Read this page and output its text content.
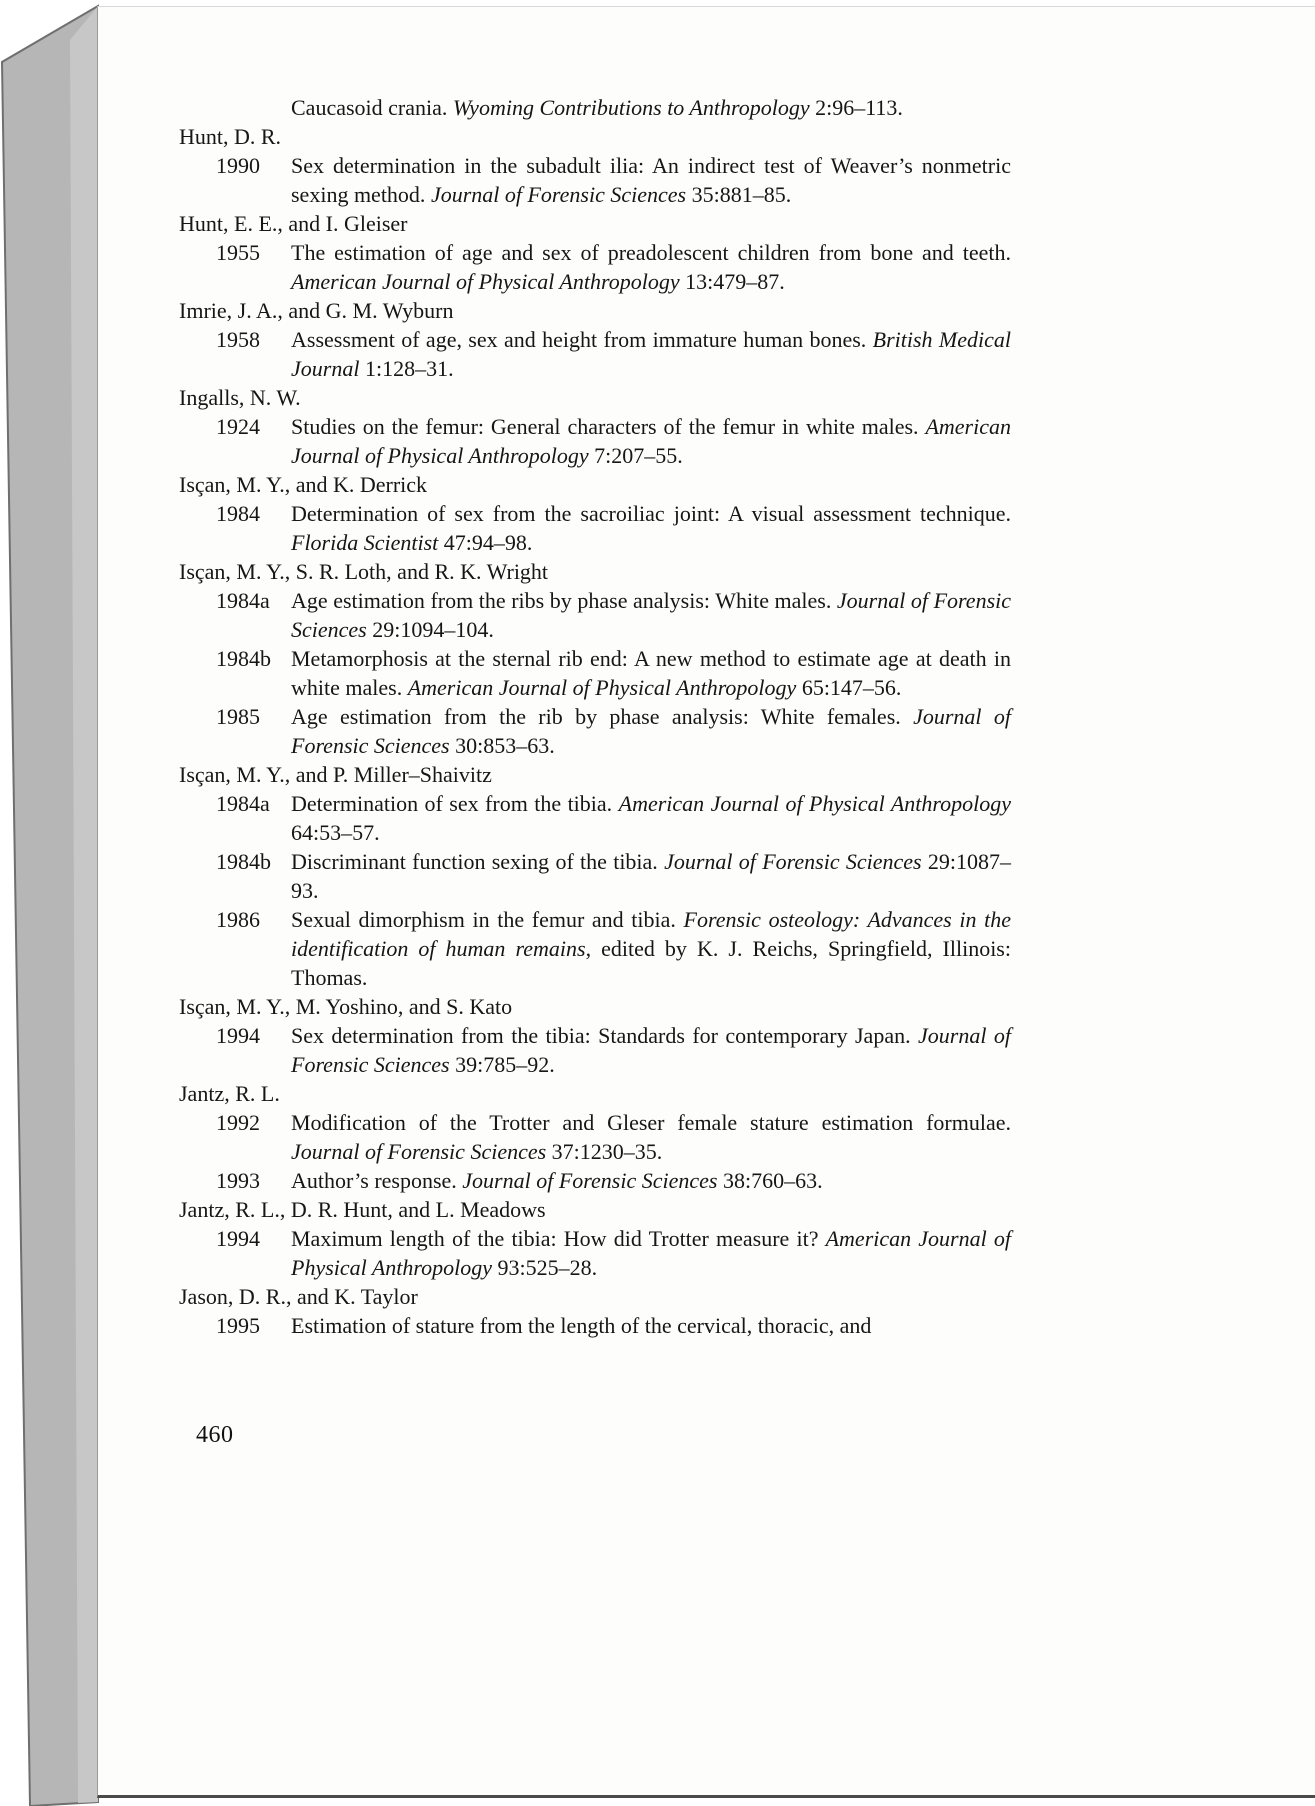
Caucasoid crania. Wyoming Contributions to Anthropology 2:96–113.
Hunt, D. R.
1990	Sex determination in the subadult ilia: An indirect test of Weaver’s nonmetric sexing method. Journal of Forensic Sciences 35:881–85.
Hunt, E. E., and I. Gleiser
1955	The estimation of age and sex of preadolescent children from bone and teeth. American Journal of Physical Anthropology 13:479–87.
Imrie, J. A., and G. M. Wyburn
1958	Assessment of age, sex and height from immature human bones. British Medical Journal 1:128–31.
Ingalls, N. W.
1924	Studies on the femur: General characters of the femur in white males. American Journal of Physical Anthropology 7:207–55.
Isçan, M. Y., and K. Derrick
1984	Determination of sex from the sacroiliac joint: A visual assessment technique. Florida Scientist 47:94–98.
Isçan, M. Y., S. R. Loth, and R. K. Wright
1984a Age estimation from the ribs by phase analysis: White males. Journal of Forensic Sciences 29:1094–104.
1984b Metamorphosis at the sternal rib end: A new method to estimate age at death in white males. American Journal of Physical Anthropology 65:147–56.
1985	Age estimation from the rib by phase analysis: White females. Journal of Forensic Sciences 30:853–63.
Isçan, M. Y., and P. Miller–Shaivitz
1984a Determination of sex from the tibia. American Journal of Physical Anthropology 64:53–57.
1984b Discriminant function sexing of the tibia. Journal of Forensic Sciences 29:1087–93.
1986	Sexual dimorphism in the femur and tibia. Forensic osteology: Advances in the identification of human remains, edited by K. J. Reichs, Springfield, Illinois: Thomas.
Isçan, M. Y., M. Yoshino, and S. Kato
1994	Sex determination from the tibia: Standards for contemporary Japan. Journal of Forensic Sciences 39:785–92.
Jantz, R. L.
1992	Modification of the Trotter and Gleser female stature estimation formulae. Journal of Forensic Sciences 37:1230–35.
1993	Author’s response. Journal of Forensic Sciences 38:760–63.
Jantz, R. L., D. R. Hunt, and L. Meadows
1994	Maximum length of the tibia: How did Trotter measure it? American Journal of Physical Anthropology 93:525–28.
Jason, D. R., and K. Taylor
1995	Estimation of stature from the length of the cervical, thoracic, and
460
